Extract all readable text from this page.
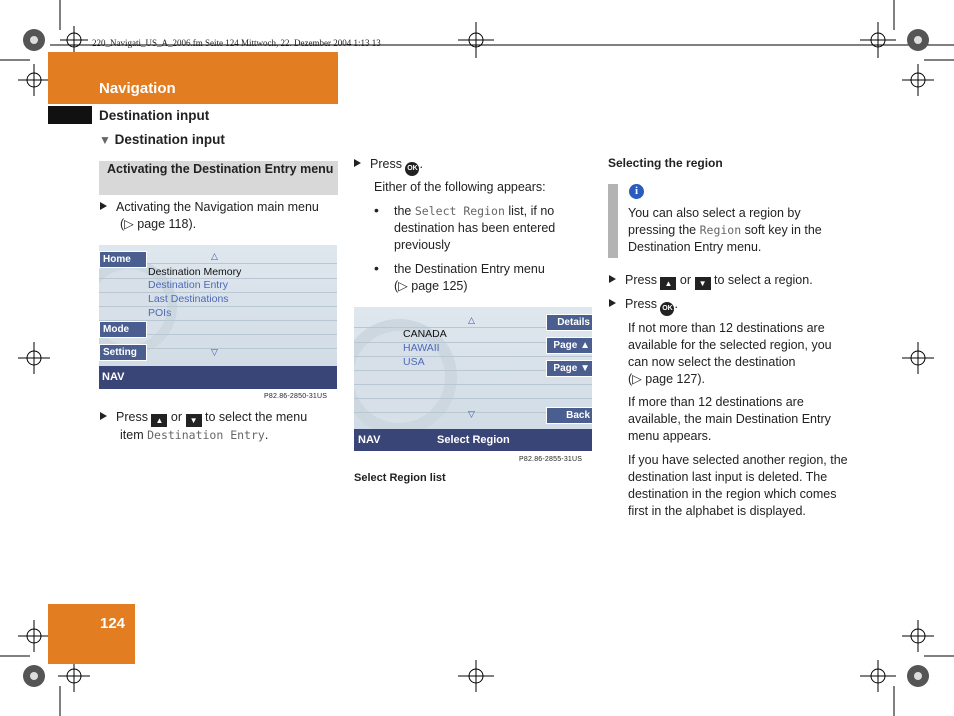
220_Navigati_US_A_2006.fm Seite 124 Mittwoch, 22. Dezember 2004 1:13 13
Navigation
Destination input
▼ Destination input
124
Activating the Destination Entry menu
Activating the Navigation main menu
(▷ page 118).
Home
Mode
Setting
△
▽
Destination Memory
Destination Entry
Last Destinations
POIs
NAV
P82.86-2850-31US
Press ▲ or ▼ to select the menu
item Destination Entry.
Press OK .
Either of the following appears:
• the Select Region list, if no
destination has been entered
previously
• the Destination Entry menu
(▷ page 125)
Details
Page ▲
Page ▼
Back
△
▽
CANADA
HAWAII
USA
NAV	Select Region
P82.86-2855-31US
Select Region list
Selecting the region
i
You can also select a region by
pressing the Region soft key in the
Destination Entry menu.
Press ▲ or ▼ to select a region.
Press OK .
If not more than 12 destinations are
available for the selected region, you
can now select the destination
(▷ page 127).
If more than 12 destinations are
available, the main Destination Entry
menu appears.
If you have selected another region, the
destination last input is deleted. The
destination in the region which comes
first in the alphabet is displayed.
